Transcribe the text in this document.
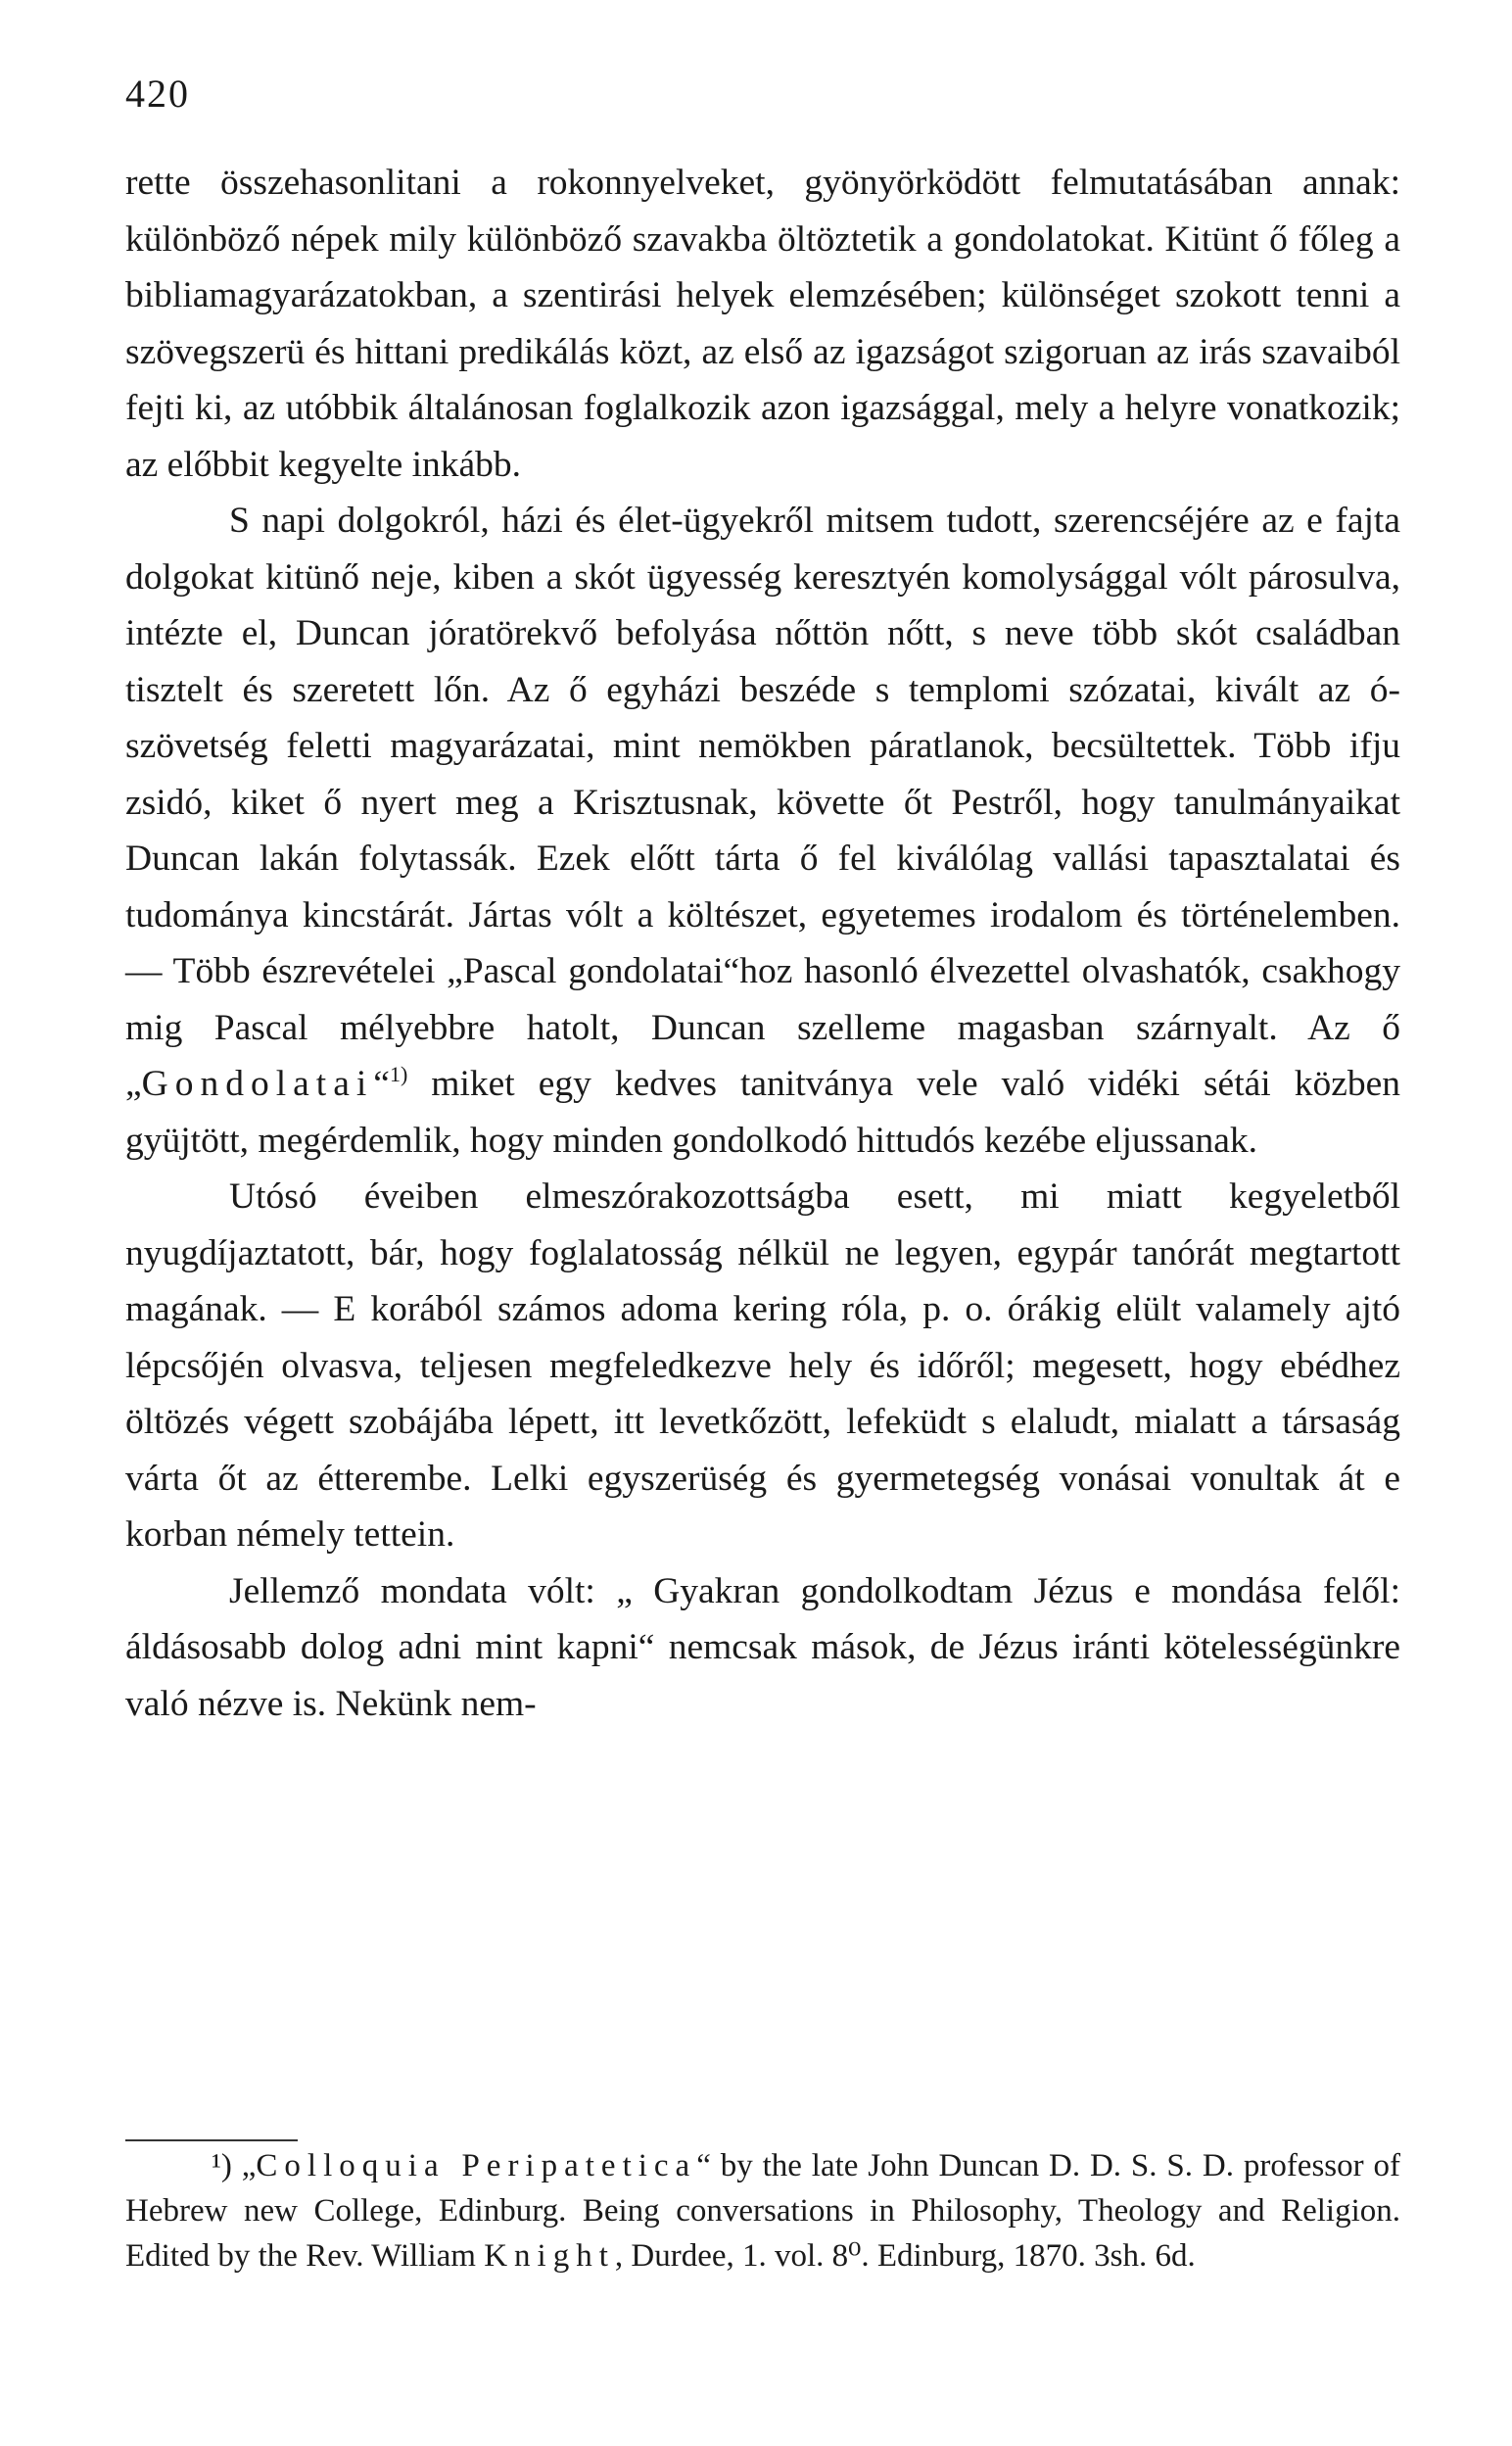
420

rette összehasonlitani a rokonnyelveket, gyönyörködött felmutatásában annak: különböző népek mily különböző szavakba öltöztetik a gondolatokat. Kitünt ő főleg a bibliamagyarázatokban, a szentirási helyek elemzésében; különséget szokott tenni a szövegszerü és hittani predikálás közt, az első az igazságot szigoruan az irás szavaiból fejti ki, az utóbbik általánosan foglalkozik azon igazsággal, mely a helyre vonatkozik; az előbbit kegyelte inkább.

S napi dolgokról, házi és élet-ügyekről mitsem tudott, szerencséjére az e fajta dolgokat kitünő neje, kiben a skót ügyesség keresztyén komolysággal vólt párosulva, intézte el, Duncan jóratörekvő befolyása nőttön nőtt, s neve több skót családban tisztelt és szeretett lőn. Az ő egyházi beszéde s templomi szózatai, kivált az ó-szövetség feletti magyarázatai, mint nemökben páratlanok, becsültettek. Több ifju zsidó, kiket ő nyert meg a Krisztusnak, követte őt Pestről, hogy tanulmányaikat Duncan lakán folytassák. Ezek előtt tárta ő fel kiválólag vallási tapasztalatai és tudománya kincstárát. Jártas vólt a költészet, egyetemes irodalom és történelemben. — Több észrevételei „Pascal gondolatai“hoz hasonló élvezettel olvashatók, csakhogy mig Pascal mélyebbre hatolt, Duncan szelleme magasban szárnyalt. Az ő „Gondolatai“$^{1)}$ miket egy kedves tanitványa vele való vidéki sétái közben gyüjtött, megérdemlik, hogy minden gondolkodó hittudós kezébe eljussanak.

Utósó éveiben elmeszórakozottságba esett, mi miatt kegyeletből nyugdíjaztatott, bár, hogy foglalatosság nélkül ne legyen, egypár tanórát megtartott magának. — E korából számos adoma kering róla, p. o. órákig elült valamely ajtó lépcsőjén olvasva, teljesen megfeledkezve hely és időről; megesett, hogy ebédhez öltözés végett szobájába lépett, itt levetkőzött, lefeküdt s elaludt, mialatt a társaság várta őt az étterembe. Lelki egyszerüség és gyermetegség vonásai vonultak át e korban némely tettein.

Jellemző mondata vólt: „ Gyakran gondolkodtam Jézus e mondása felől: áldásosabb dolog adni mint kapni“ nemcsak mások, de Jézus iránti kötelességünkre való nézve is. Nekünk nem-

¹) „Colloquia Peripatetica“ by the late John Duncan D. D. S. S. D. professor of Hebrew new College, Edinburg. Being conversations in Philosophy, Theology and Religion. Edited by the Rev. William Knight, Durdee, 1. vol. 8⁰. Edinburg, 1870. 3sh. 6d.
